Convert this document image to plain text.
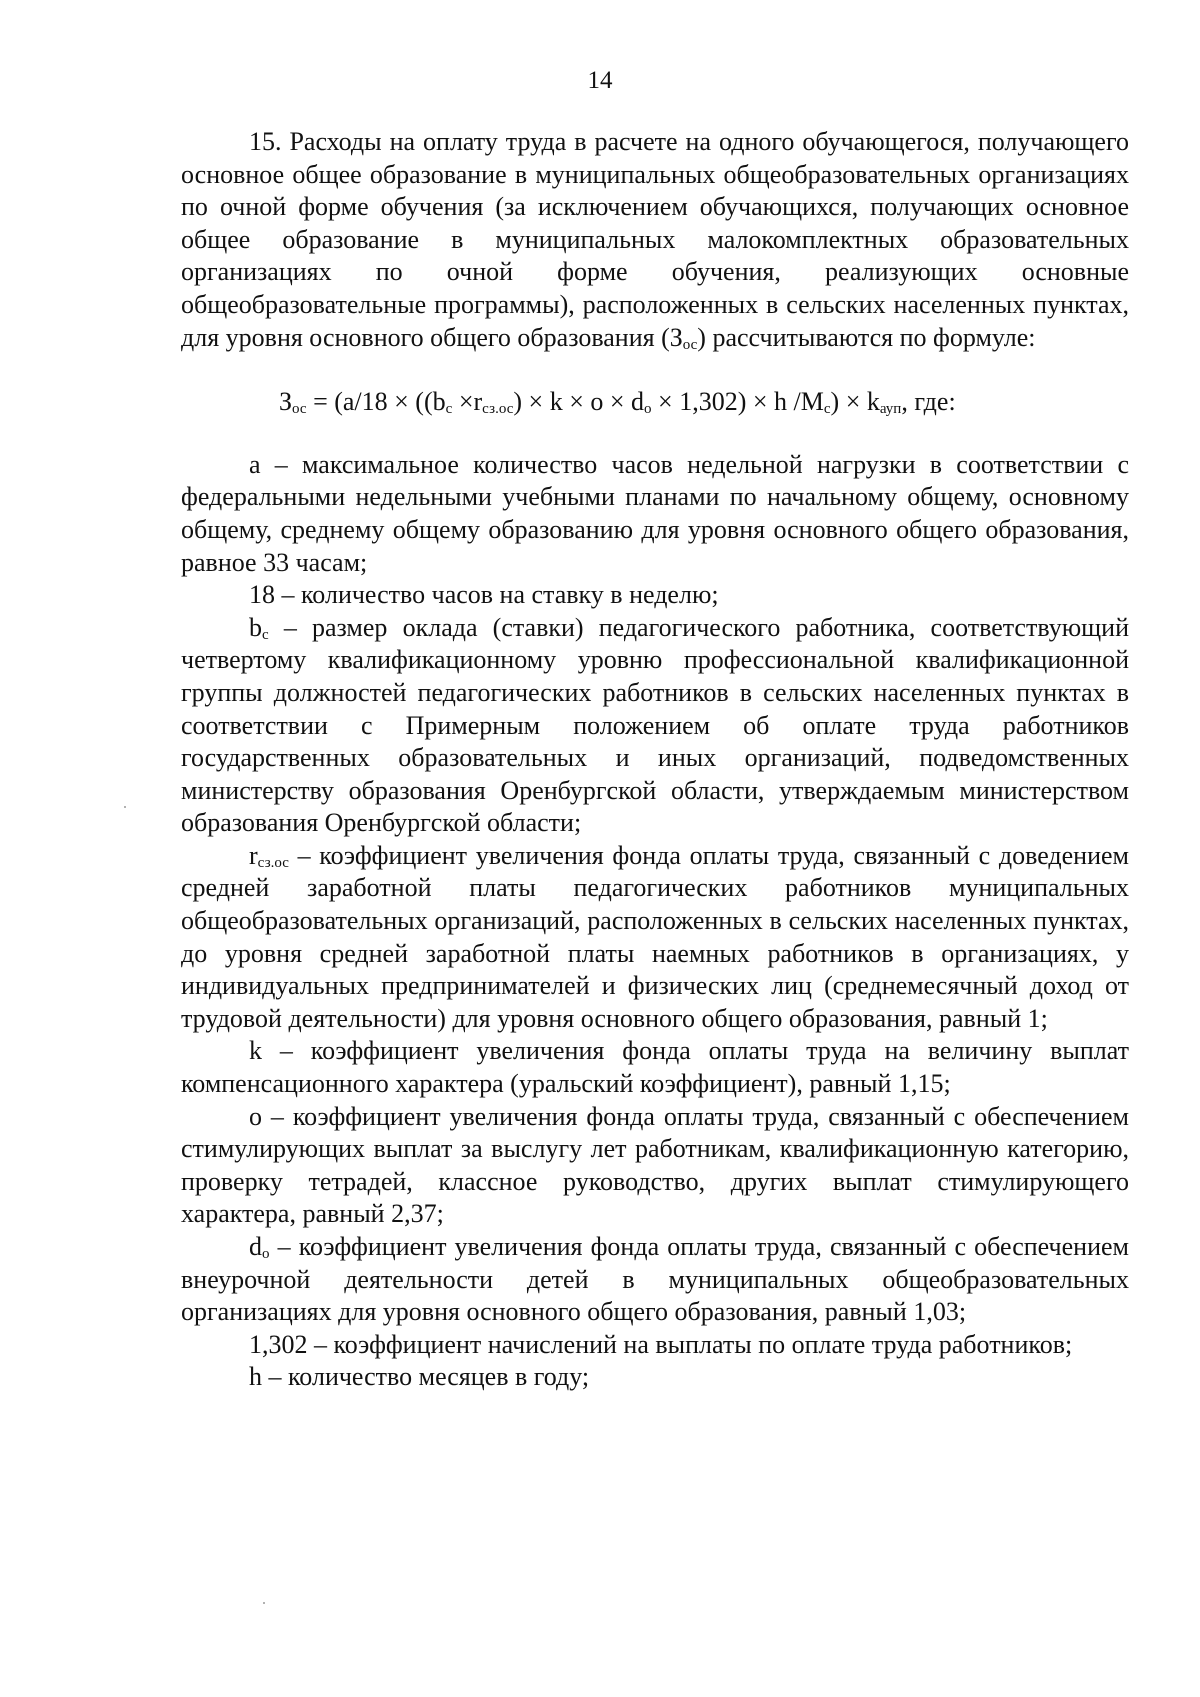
14

15. Расходы на оплату труда в расчете на одного обучающегося, получающего основное общее образование в муниципальных общеобразовательных организациях по очной форме обучения (за исключением обучающихся, получающих основное общее образование в муниципальных малокомплектных образовательных организациях по очной форме обучения, реализующих основные общеобразовательные программы), расположенных в сельских населенных пунктах, для уровня основного общего образования $(З_{ос})$ рассчитываются по формуле:

$З_{ос} = (a/18 \times ((b_c \times r_{сз.ос}) \times k \times o \times d_o \times 1,302) \times h$ $/M_c) \times k_{ауп}$, где:

а – максимальное количество часов недельной нагрузки в соответствии с федеральными недельными учебными планами по начальному общему, основному общему, среднему общему образованию для уровня основного общего образования, равное 33 часам;

18 – количество часов на ставку в неделю;

$b_c$ – размер оклада (ставки) педагогического работника, соответствующий четвертому квалификационному уровню профессиональной квалификационной группы должностей педагогических работников в сельских населенных пунктах в соответствии с Примерным положением об оплате труда работников государственных образовательных и иных организаций, подведомственных министерству образования Оренбургской области, утверждаемым министерством образования Оренбургской области;

$r_{сз.ос}$ – коэффициент увеличения фонда оплаты труда, связанный с доведением средней заработной платы педагогических работников муниципальных общеобразовательных организаций, расположенных в сельских населенных пунктах, до уровня средней заработной платы наемных работников в организациях, у индивидуальных предпринимателей и физических лиц (среднемесячный доход от трудовой деятельности) для уровня основного общего образования, равный 1;

k – коэффициент увеличения фонда оплаты труда на величину выплат компенсационного характера (уральский коэффициент), равный 1,15;

o – коэффициент увеличения фонда оплаты труда, связанный с обеспечением стимулирующих выплат за выслугу лет работникам, квалификационную категорию, проверку тетрадей, классное руководство, других выплат стимулирующего характера, равный 2,37;

$d_o$ – коэффициент увеличения фонда оплаты труда, связанный с обеспечением внеурочной деятельности детей в муниципальных общеобразовательных организациях для уровня основного общего образования, равный 1,03;

1,302 – коэффициент начислений на выплаты по оплате труда работников;

h – количество месяцев в году;
